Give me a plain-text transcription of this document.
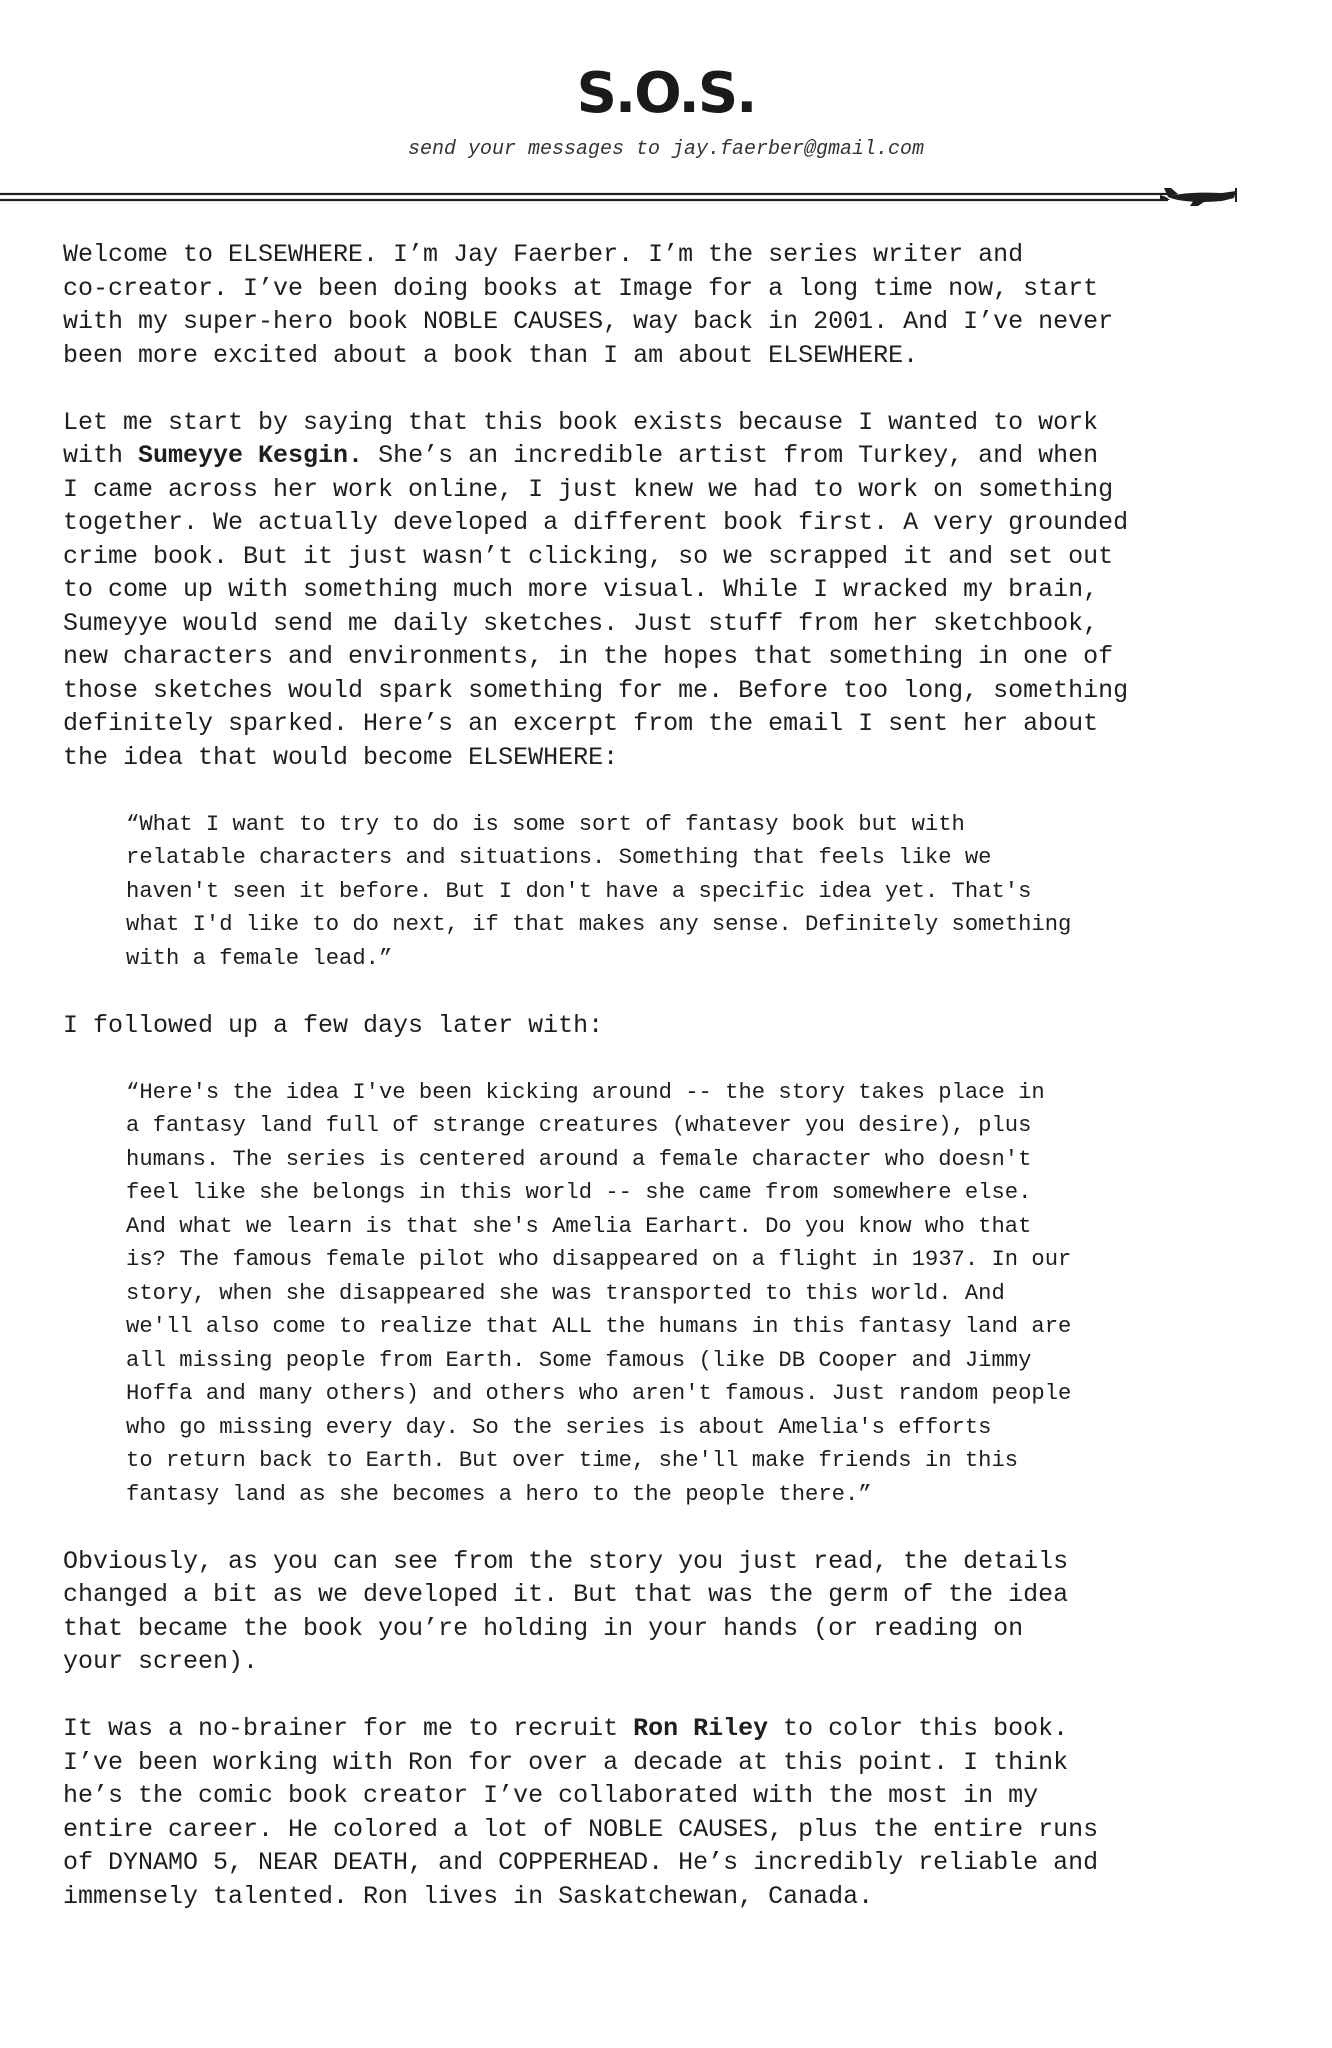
S.O.S.
send your messages to jay.faerber@gmail.com

Welcome to ELSEWHERE. I’m Jay Faerber. I’m the series writer and
co-creator. I’ve been doing books at Image for a long time now, start
with my super-hero book NOBLE CAUSES, way back in 2001. And I’ve never
been more excited about a book than I am about ELSEWHERE.

Let me start by saying that this book exists because I wanted to work
with Sumeyye Kesgin. She’s an incredible artist from Turkey, and when
I came across her work online, I just knew we had to work on something
together. We actually developed a different book first. A very grounded
crime book. But it just wasn’t clicking, so we scrapped it and set out
to come up with something much more visual. While I wracked my brain,
Sumeyye would send me daily sketches. Just stuff from her sketchbook,
new characters and environments, in the hopes that something in one of
those sketches would spark something for me. Before too long, something
definitely sparked. Here’s an excerpt from the email I sent her about
the idea that would become ELSEWHERE:

“What I want to try to do is some sort of fantasy book but with
relatable characters and situations. Something that feels like we
haven't seen it before. But I don't have a specific idea yet. That's
what I'd like to do next, if that makes any sense. Definitely something
with a female lead.”

I followed up a few days later with:

“Here's the idea I've been kicking around -- the story takes place in
a fantasy land full of strange creatures (whatever you desire), plus
humans. The series is centered around a female character who doesn't
feel like she belongs in this world -- she came from somewhere else.
And what we learn is that she's Amelia Earhart. Do you know who that
is? The famous female pilot who disappeared on a flight in 1937. In our
story, when she disappeared she was transported to this world. And
we'll also come to realize that ALL the humans in this fantasy land are
all missing people from Earth. Some famous (like DB Cooper and Jimmy
Hoffa and many others) and others who aren't famous. Just random people
who go missing every day. So the series is about Amelia's efforts
to return back to Earth. But over time, she'll make friends in this
fantasy land as she becomes a hero to the people there.”

Obviously, as you can see from the story you just read, the details
changed a bit as we developed it. But that was the germ of the idea
that became the book you’re holding in your hands (or reading on
your screen).

It was a no-brainer for me to recruit Ron Riley to color this book.
I’ve been working with Ron for over a decade at this point. I think
he’s the comic book creator I’ve collaborated with the most in my
entire career. He colored a lot of NOBLE CAUSES, plus the entire runs
of DYNAMO 5, NEAR DEATH, and COPPERHEAD. He’s incredibly reliable and
immensely talented. Ron lives in Saskatchewan, Canada.
